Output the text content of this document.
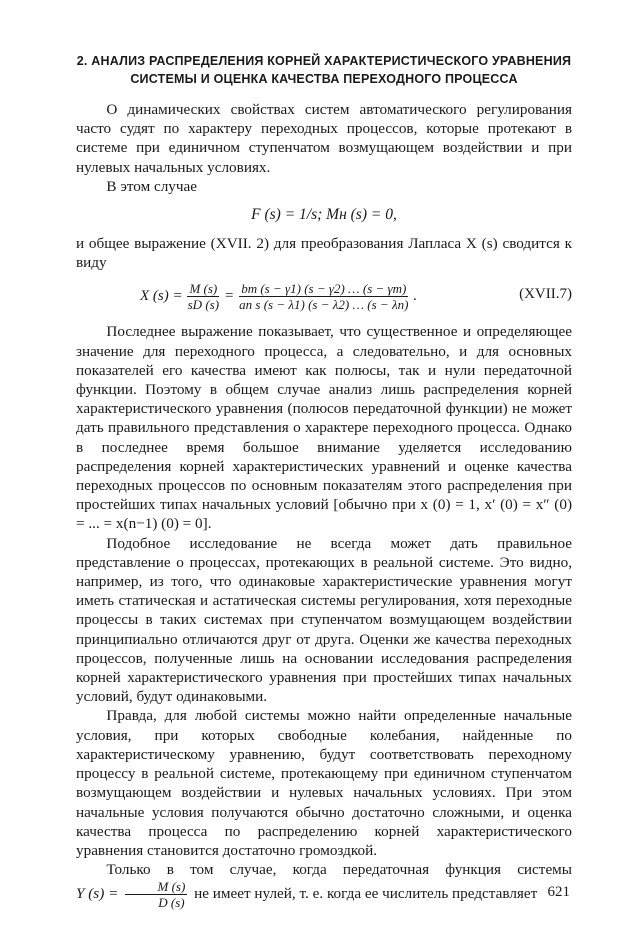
2. АНАЛИЗ РАСПРЕДЕЛЕНИЯ КОРНЕЙ ХАРАКТЕРИСТИЧЕСКОГО УРАВНЕНИЯ
СИСТЕМЫ И ОЦЕНКА КАЧЕСТВА ПЕРЕХОДНОГО ПРОЦЕССА

О динамических свойствах систем автоматического регулирования часто судят по характеру переходных процессов, которые протекают в системе при единичном ступенчатом возмущающем воздействии и при нулевых начальных условиях.

В этом случае

F (s) = 1/s; Mн (s) = 0,

и общее выражение (XVII. 2) для преобразования Лапласа X (s) сводится к виду

X $(s) = \frac{M (s)}{sD (s)} = \frac{bm (s - \gamma 1) (s - \gamma 2) \dots (s - \gamma m)}{\text{an s (s − λ1) (s − λ2) … (s − λn)}}$ .	(XVII.7)

Последнее выражение показывает, что существенное и определяющее значение для переходного процесса, а следовательно, и для основных показателей его качества имеют как полюсы, так и нули передаточной функции. Поэтому в общем случае анализ лишь распределения корней характеристического уравнения (полюсов передаточной функции) не может дать правильного представления о характере переходного процесса. Однако в последнее время большое внимание уделяется исследованию распределения корней характеристических уравнений и оценке качества переходных процессов по основным показателям этого распределения при простейших типах начальных условий [обычно при x (0) = 1, x′ (0) = x″ (0) = ... = x(n−1) (0) = 0].

Подобное исследование не всегда может дать правильное представление о процессах, протекающих в реальной системе. Это видно, например, из того, что одинаковые характеристические уравнения могут иметь статическая и астатическая системы регулирования, хотя переходные процессы в таких системах при ступенчатом возмущающем воздействии принципиально отличаются друг от друга. Оценки же качества переходных процессов, полученные лишь на основании исследования распределения корней характеристического уравнения при простейших типах начальных условий, будут одинаковыми.

Правда, для любой системы можно найти определенные начальные условия, при которых свободные колебания, найденные по характеристическому уравнению, будут соответствовать переходному процессу в реальной системе, протекающему при единичном ступенчатом возмущающем воздействии и нулевых начальных условиях. При этом начальные условия получаются обычно достаточно сложными, и оценка качества процесса по распределению корней характеристического уравнения становится достаточно громоздкой.

Только в том случае, когда передаточная функция системы Y $(s) = \frac{M (s)}{D (s)}$ не имеет нулей, т. е. когда ее числитель представляет 621
